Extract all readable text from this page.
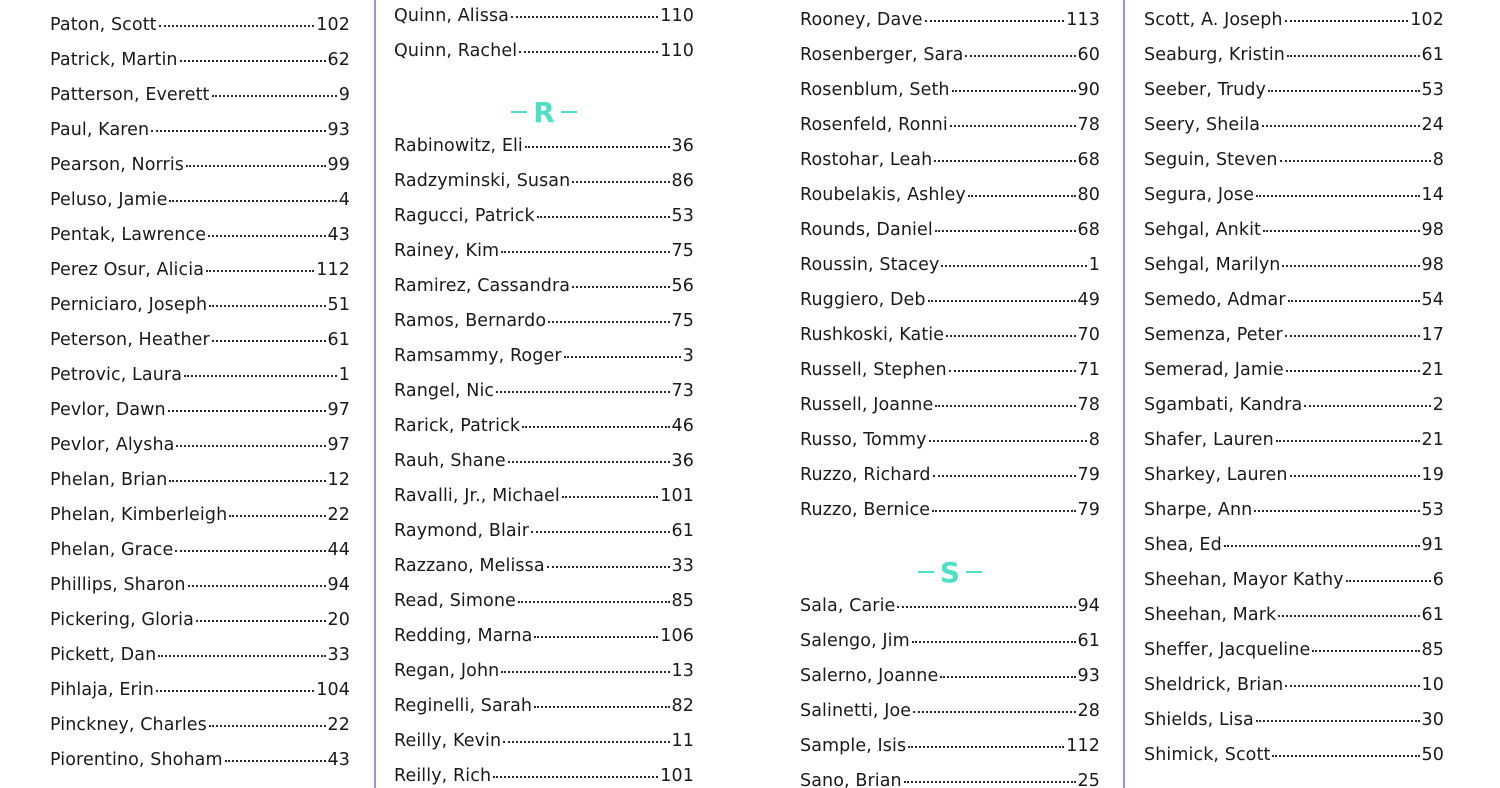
Paton, Scott	102
Patrick, Martin	62
Patterson, Everett	9
Paul, Karen	93
Pearson, Norris	99
Peluso, Jamie	4
Pentak, Lawrence	43
Perez Osur, Alicia	112
Perniciaro, Joseph	51
Peterson, Heather	61
Petrovic, Laura	1
Pevlor, Dawn	97
Pevlor, Alysha	97
Phelan, Brian	12
Phelan, Kimberleigh	22
Phelan, Grace	44
Phillips, Sharon	94
Pickering, Gloria	20
Pickett, Dan	33
Pihlaja, Erin	104
Pinckney, Charles	22
Piorentino, Shoham	43
Quinn, Alissa	110
Quinn, Rachel	110
R
Rabinowitz, Eli	36
Radzyminski, Susan	86
Ragucci, Patrick	53
Rainey, Kim	75
Ramirez, Cassandra	56
Ramos, Bernardo	75
Ramsammy, Roger	3
Rangel, Nic	73
Rarick, Patrick	46
Rauh, Shane	36
Ravalli, Jr., Michael	101
Raymond, Blair	61
Razzano, Melissa	33
Read, Simone	85
Redding, Marna	106
Regan, John	13
Reginelli, Sarah	82
Reilly, Kevin	11
Reilly, Rich	101
Rooney, Dave	113
Rosenberger, Sara	60
Rosenblum, Seth	90
Rosenfeld, Ronni	78
Rostohar, Leah	68
Roubelakis, Ashley	80
Rounds, Daniel	68
Roussin, Stacey	1
Ruggiero, Deb	49
Rushkoski, Katie	70
Russell, Stephen	71
Russell, Joanne	78
Russo, Tommy	8
Ruzzo, Richard	79
Ruzzo, Bernice	79
S
Sala, Carie	94
Salengo, Jim	61
Salerno, Joanne	93
Salinetti, Joe	28
Sample, Isis	112
Sano, Brian	25
Scott, A. Joseph	102
Seaburg, Kristin	61
Seeber, Trudy	53
Seery, Sheila	24
Seguin, Steven	8
Segura, Jose	14
Sehgal, Ankit	98
Sehgal, Marilyn	98
Semedo, Admar	54
Semenza, Peter	17
Semerad, Jamie	21
Sgambati, Kandra	2
Shafer, Lauren	21
Sharkey, Lauren	19
Sharpe, Ann	53
Shea, Ed	91
Sheehan, Mayor Kathy	6
Sheehan, Mark	61
Sheffer, Jacqueline	85
Sheldrick, Brian	10
Shields, Lisa	30
Shimick, Scott	50
